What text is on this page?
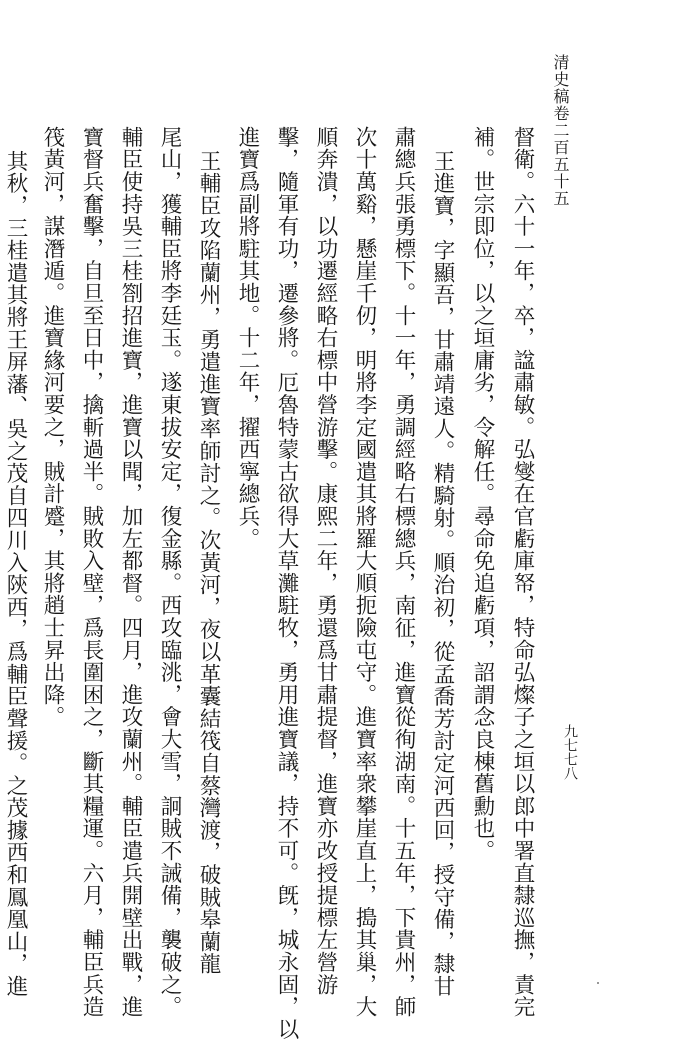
清史稿卷二百五十五
督衛。六十一年，卒，諡肅敏。弘燮在官虧庫帑，特命弘燦子之垣以郎中署直隸巡撫，責完
補。世宗即位，以之垣庸劣，令解任。尋命免追虧項，詔謂念良棟舊勳也。
王進寶，字顯吾，甘肅靖遠人。精騎射。順治初，從孟喬芳討定河西回，授守備，隸甘
肅總兵張勇標下。十一年，勇調經略右標總兵，南征，進寶從徇湖南。十五年，下貴州，師
次十萬谿，懸崖千仞，明將李定國遣其將羅大順扼險屯守。進寶率衆攀崖直上，搗其巢，大
順奔潰，以功遷經略右標中營游擊。康熙二年，勇還爲甘肅提督，進寶亦改授提標左營游
擊，隨軍有功，遷參將。厄魯特蒙古欲得大草灘駐牧，勇用進寶議，持不可。旣，城永固，以
進寶爲副將駐其地。十二年，擢西寧總兵。
王輔臣攻陷蘭州，勇遣進寶率師討之。次黃河，夜以革囊結筏自蔡灣渡，破賊皋蘭龍
尾山，獲輔臣將李廷玉。遂東拔安定，復金縣。西攻臨洮，會大雪，詗賊不誡備，襲破之。
輔臣使持吳三桂劄招進寶，進寶以聞，加左都督。四月，進攻蘭州。輔臣遣兵開壁出戰，進
寶督兵奮擊，自旦至日中，擒斬過半。賊敗入壁，爲長圍困之，斷其糧運。六月，輔臣兵造
筏黃河，謀潛遁。進寶緣河要之，賊計蹙，其將趙士昇出降。
其秋，三桂遣其將王屏藩、吳之茂自四川入陝西，爲輔臣聲援。之茂據西和鳳凰山，進	九七七八
